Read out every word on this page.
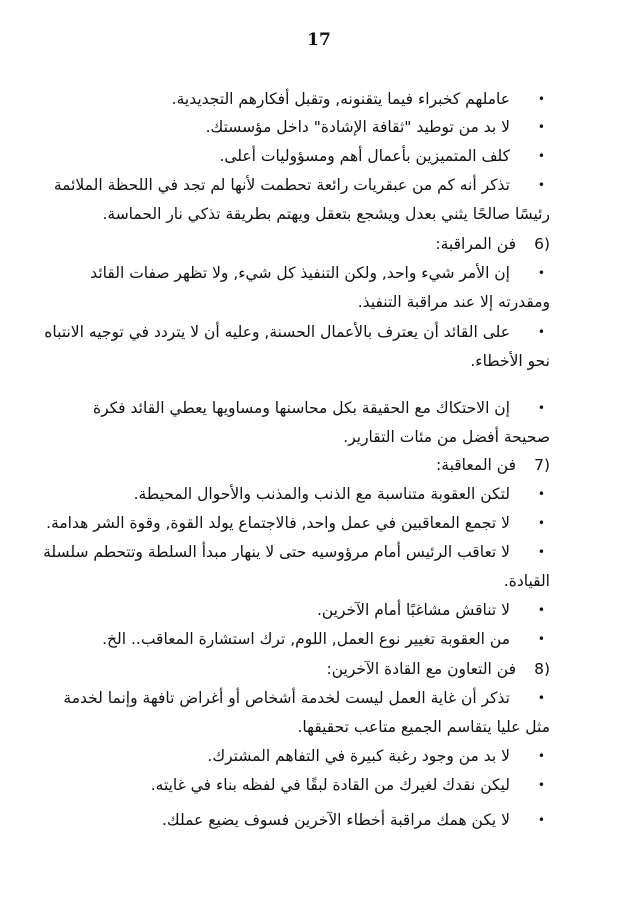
17
•
عاملهم كخبراء فيما يتقنونه, وتقبل أفكارهم التجديدية.
•
لا بد من توطيد "ثقافة الإشادة" داخل مؤسستك.
•
كلف المتميزين بأعمال أهم ومسؤوليات أعلى.
•
تذكر أنه كم من عبقريات رائعة تحطمت لأنها لم تجد في اللحظة الملائمة
رئيسًا صالحًا يثني بعدل ويشجع بتعقل ويهتم بطريقة تذكي نار الحماسة.
6)
فن المراقبة:
•
إن الأمر شيء واحد, ولكن التنفيذ كل شيء, ولا تظهر صفات القائد
ومقدرته إلا عند مراقبة التنفيذ.
•
على القائد أن يعترف بالأعمال الحسنة, وعليه أن لا يتردد في توجيه الانتباه
نحو الأخطاء.
•
إن الاحتكاك مع الحقيقة بكل محاسنها ومساويها يعطي القائد فكرة
صحيحة أفضل من مئات التقارير.
7)
فن المعاقبة:
•
لتكن العقوبة متناسبة مع الذنب والمذنب والأحوال المحيطة.
•
لا تجمع المعاقبين في عمل واحد, فالاجتماع يولد القوة, وقوة الشر هدامة.
•
لا تعاقب الرئيس أمام مرؤوسيه حتى لا ينهار مبدأ السلطة وتتحطم سلسلة
القيادة.
•
لا تناقش مشاغبًا أمام الآخرين.
•
من العقوبة تغيير نوع العمل, اللوم, ترك استشارة المعاقب.. الخ.
8)
فن التعاون مع القادة الآخرين:
•
تذكر أن غاية العمل ليست لخدمة أشخاص أو أغراض تافهة وإنما لخدمة
مثل عليا يتقاسم الجميع متاعب تحقيقها.
•
لا بد من وجود رغبة كبيرة في التفاهم المشترك.
•
ليكن نقدك لغيرك من القادة لبقًا في لفظه بناء في غايته.
•
لا يكن همك مراقبة أخطاء الآخرين فسوف يضيع عملك.
